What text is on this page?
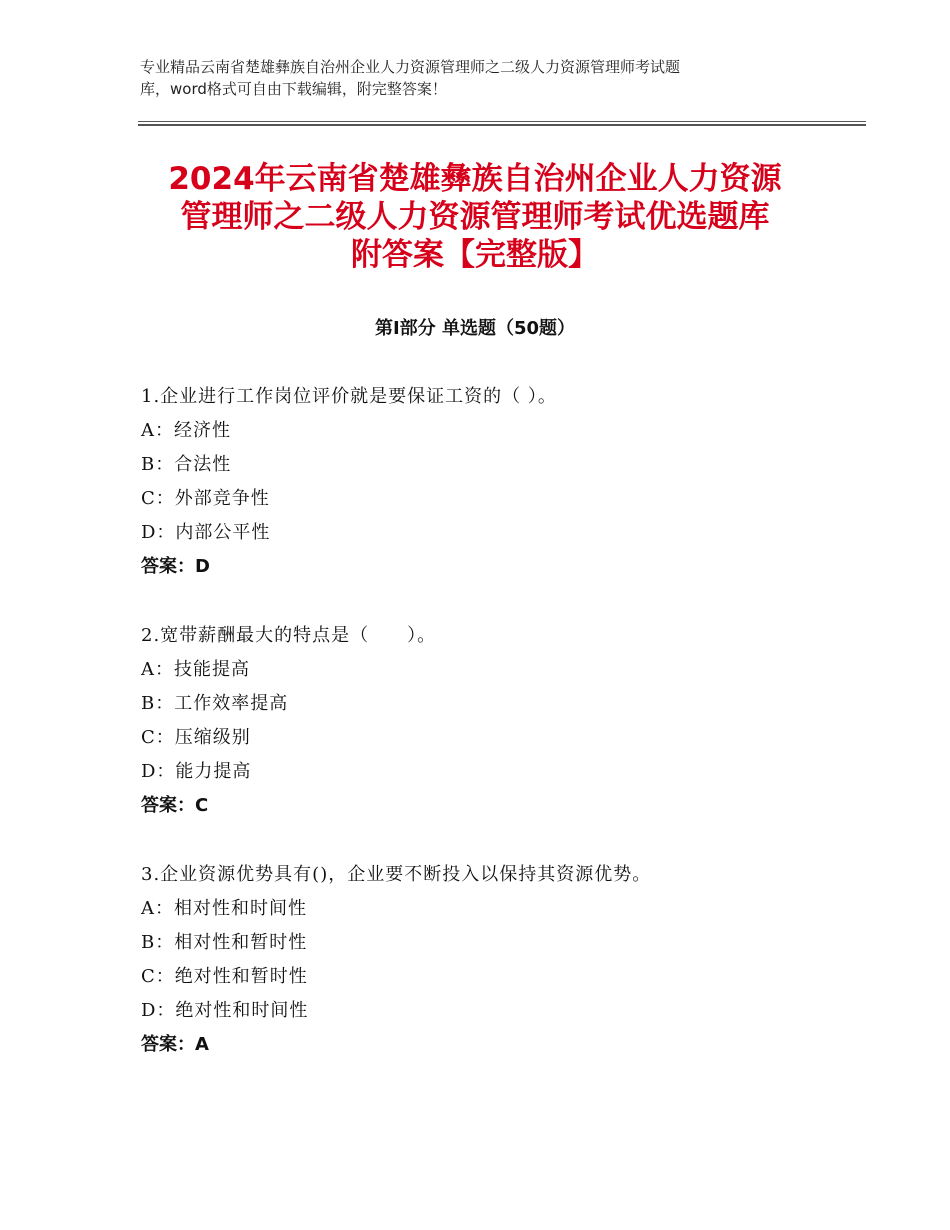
专业精品云南省楚雄彝族自治州企业人力资源管理师之二级人力资源管理师考试题
库，word格式可自由下载编辑，附完整答案！
2024年云南省楚雄彝族自治州企业人力资源
管理师之二级人力资源管理师考试优选题库
附答案【完整版】
第Ⅰ部分 单选题（50题）
1.企业进行工作岗位评价就是要保证工资的（ ）。
A：经济性
B：合法性
C：外部竞争性
D：内部公平性
答案：D
2.宽带薪酬最大的特点是（　　）。
A：技能提高
B：工作效率提高
C：压缩级别
D：能力提高
答案：C
3.企业资源优势具有()，企业要不断投入以保持其资源优势。
A：相对性和时间性
B：相对性和暂时性
C：绝对性和暂时性
D：绝对性和时间性
答案：A
